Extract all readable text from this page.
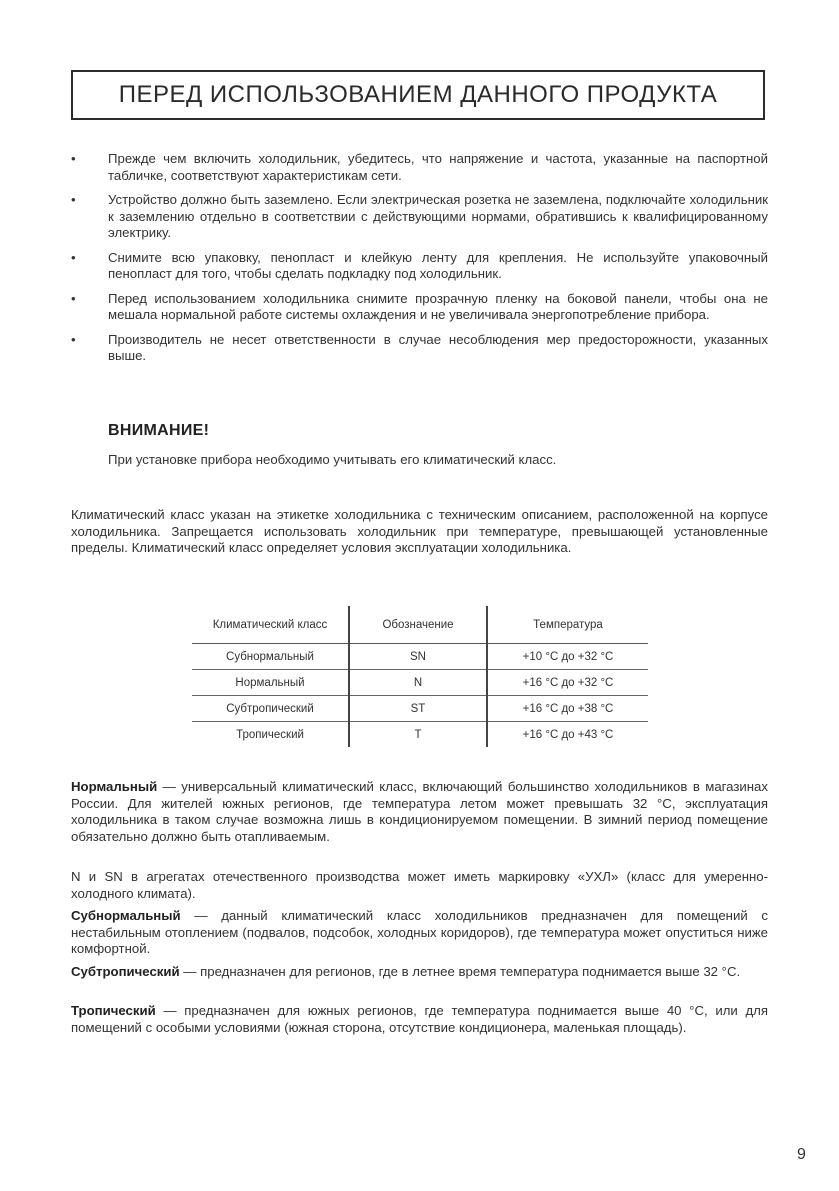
ПЕРЕД ИСПОЛЬЗОВАНИЕМ ДАННОГО ПРОДУКТА
• Прежде чем включить холодильник, убедитесь, что напряжение и частота, указанные на паспортной табличке, соответствуют характеристикам сети.
• Устройство должно быть заземлено. Если электрическая розетка не заземлена, подключайте холодильник к заземлению отдельно в соответствии с действующими нормами, обратившись к квалифицированному электрику.
• Снимите всю упаковку, пенопласт и клейкую ленту для крепления. Не используйте упаковочный пенопласт для того, чтобы сделать подкладку под холодильник.
• Перед использованием холодильника снимите прозрачную пленку на боковой панели, чтобы она не мешала нормальной работе системы охлаждения и не увеличивала энергопотребление прибора.
• Производитель не несет ответственности в случае несоблюдения мер предосторожности, указанных выше.
ВНИМАНИЕ!
При установке прибора необходимо учитывать его климатический класс.

Климатический класс указан на этикетке холодильника с техническим описанием, расположенной на корпусе холодильника. Запрещается использовать холодильник при температуре, превышающей установленные пределы. Климатический класс определяет условия эксплуатации холодильника.

Климатический класс	Обозначение	Температура
Субнормальный	SN	+10 °C до +32 °C
Нормальный	N	+16 °C до +32 °C
Субтропический	ST	+16 °C до +38 °C
Тропический	T	+16 °C до +43 °C

Нормальный — универсальный климатический класс, включающий большинство холодильников в магазинах России. Для жителей южных регионов, где температура летом может превышать 32 °C, эксплуатация холодильника в таком случае возможна лишь в кондиционируемом помещении. В зимний период помещение обязательно должно быть отапливаемым.

N и SN в агрегатах отечественного производства может иметь маркировку «УХЛ» (класс для умеренно-холодного климата).

Субнормальный — данный климатический класс холодильников предназначен для помещений с нестабильным отоплением (подвалов, подсобок, холодных коридоров), где температура может опуститься ниже комфортной.

Субтропический — предназначен для регионов, где в летнее время температура поднимается выше 32 °C.

Тропический — предназначен для южных регионов, где температура поднимается выше 40 °C, или для помещений с особыми условиями (южная сторона, отсутствие кондиционера, маленькая площадь).

9
